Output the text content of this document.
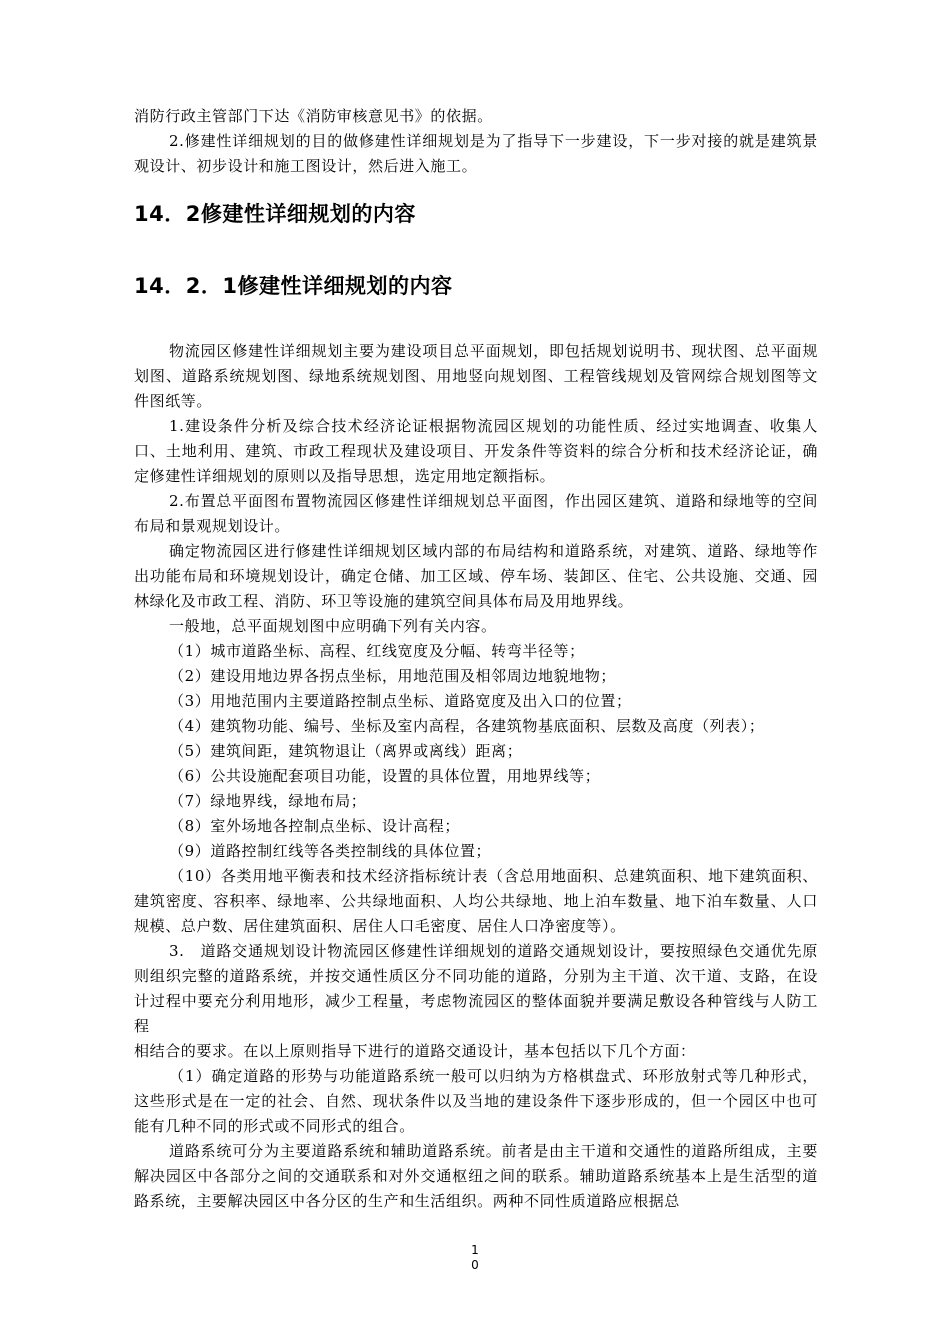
消防行政主管部门下达《消防审核意见书》的依据。

2.修建性详细规划的目的做修建性详细规划是为了指导下一步建设，下一步对接的就是建筑景观设计、初步设计和施工图设计，然后进入施工。

14．2修建性详细规划的内容
14．2．1修建性详细规划的内容

物流园区修建性详细规划主要为建设项目总平面规划，即包括规划说明书、现状图、总平面规划图、道路系统规划图、绿地系统规划图、用地竖向规划图、工程管线规划及管网综合规划图等文件图纸等。

1.建设条件分析及综合技术经济论证根据物流园区规划的功能性质、经过实地调查、收集人口、土地利用、建筑、市政工程现状及建设项目、开发条件等资料的综合分析和技术经济论证，确定修建性详细规划的原则以及指导思想，选定用地定额指标。

2.布置总平面图布置物流园区修建性详细规划总平面图，作出园区建筑、道路和绿地等的空间布局和景观规划设计。

确定物流园区进行修建性详细规划区域内部的布局结构和道路系统，对建筑、道路、绿地等作出功能布局和环境规划设计，确定仓储、加工区域、停车场、装卸区、住宅、公共设施、交通、园林绿化及市政工程、消防、环卫等设施的建筑空间具体布局及用地界线。

一般地，总平面规划图中应明确下列有关内容。

（1）城市道路坐标、高程、红线宽度及分幅、转弯半径等；

（2）建设用地边界各拐点坐标，用地范围及相邻周边地貌地物；

（3）用地范围内主要道路控制点坐标、道路宽度及出入口的位置；

（4）建筑物功能、编号、坐标及室内高程，各建筑物基底面积、层数及高度（列表）；

（5）建筑间距，建筑物退让（离界或离线）距离；

（6）公共设施配套项目功能，设置的具体位置，用地界线等；

（7）绿地界线，绿地布局；

（8）室外场地各控制点坐标、设计高程；

（9）道路控制红线等各类控制线的具体位置；

（10）各类用地平衡表和技术经济指标统计表（含总用地面积、总建筑面积、地下建筑面积、建筑密度、容积率、绿地率、公共绿地面积、人均公共绿地、地上泊车数量、地下泊车数量、人口规模、总户数、居住建筑面积、居住人口毛密度、居住人口净密度等）。

3.　道路交通规划设计物流园区修建性详细规划的道路交通规划设计，要按照绿色交通优先原则组织完整的道路系统，并按交通性质区分不同功能的道路，分别为主干道、次干道、支路，在设计过程中要充分利用地形，减少工程量，考虑物流园区的整体面貌并要满足敷设各种管线与人防工程

相结合的要求。在以上原则指导下进行的道路交通设计，基本包括以下几个方面：

（1）确定道路的形势与功能道路系统一般可以归纳为方格棋盘式、环形放射式等几种形式，这些形式是在一定的社会、自然、现状条件以及当地的建设条件下逐步形成的，但一个园区中也可能有几种不同的形式或不同形式的组合。

道路系统可分为主要道路系统和辅助道路系统。前者是由主干道和交通性的道路所组成，主要解决园区中各部分之间的交通联系和对外交通枢纽之间的联系。辅助道路系统基本上是生活型的道路系统，主要解决园区中各分区的生产和生活组织。两种不同性质道路应根据总

1
0
